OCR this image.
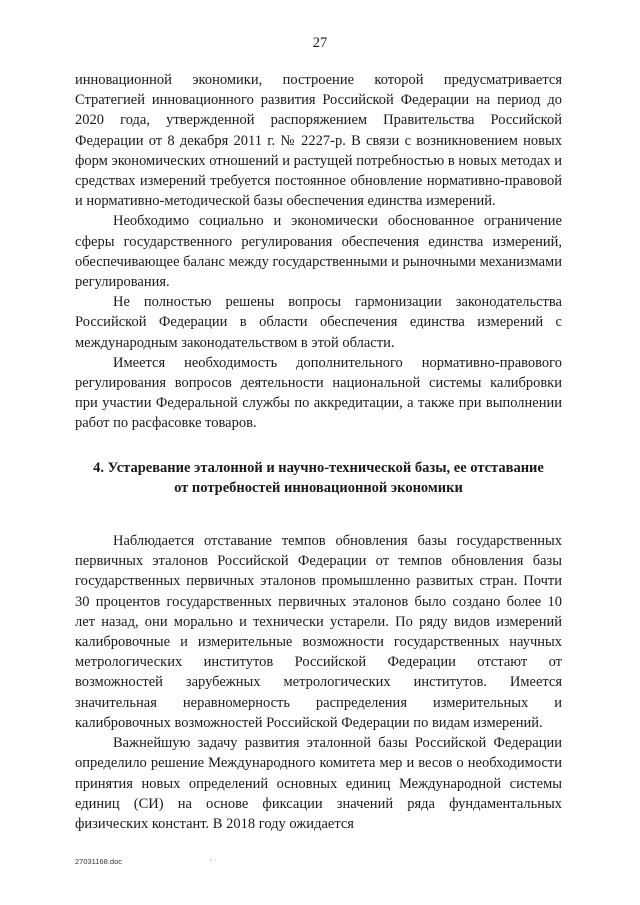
27

инновационной экономики, построение которой предусматривается Стратегией инновационного развития Российской Федерации на период до 2020 года, утвержденной распоряжением Правительства Российской Федерации от 8 декабря 2011 г. № 2227-р. В связи с возникновением новых форм экономических отношений и растущей потребностью в новых методах и средствах измерений требуется постоянное обновление нормативно-правовой и нормативно-методической базы обеспечения единства измерений.

Необходимо социально и экономически обоснованное ограничение сферы государственного регулирования обеспечения единства измерений, обеспечивающее баланс между государственными и рыночными механизмами регулирования.

Не полностью решены вопросы гармонизации законодательства Российской Федерации в области обеспечения единства измерений с международным законодательством в этой области.

Имеется необходимость дополнительного нормативно-правового регулирования вопросов деятельности национальной системы калибровки при участии Федеральной службы по аккредитации, а также при выполнении работ по расфасовке товаров.

4. Устаревание эталонной и научно-технической базы, ее отставание от потребностей инновационной экономики

Наблюдается отставание темпов обновления базы государственных первичных эталонов Российской Федерации от темпов обновления базы государственных первичных эталонов промышленно развитых стран. Почти 30 процентов государственных первичных эталонов было создано более 10 лет назад, они морально и технически устарели. По ряду видов измерений калибровочные и измерительные возможности государственных научных метрологических институтов Российской Федерации отстают от возможностей зарубежных метрологических институтов. Имеется значительная неравномерность распределения измерительных и калибровочных возможностей Российской Федерации по видам измерений.

Важнейшую задачу развития эталонной базы Российской Федерации определило решение Международного комитета мер и весов о необходимости принятия новых определений основных единиц Международной системы единиц (СИ) на основе фиксации значений ряда фундаментальных физических констант. В 2018 году ожидается

27031168.doc
